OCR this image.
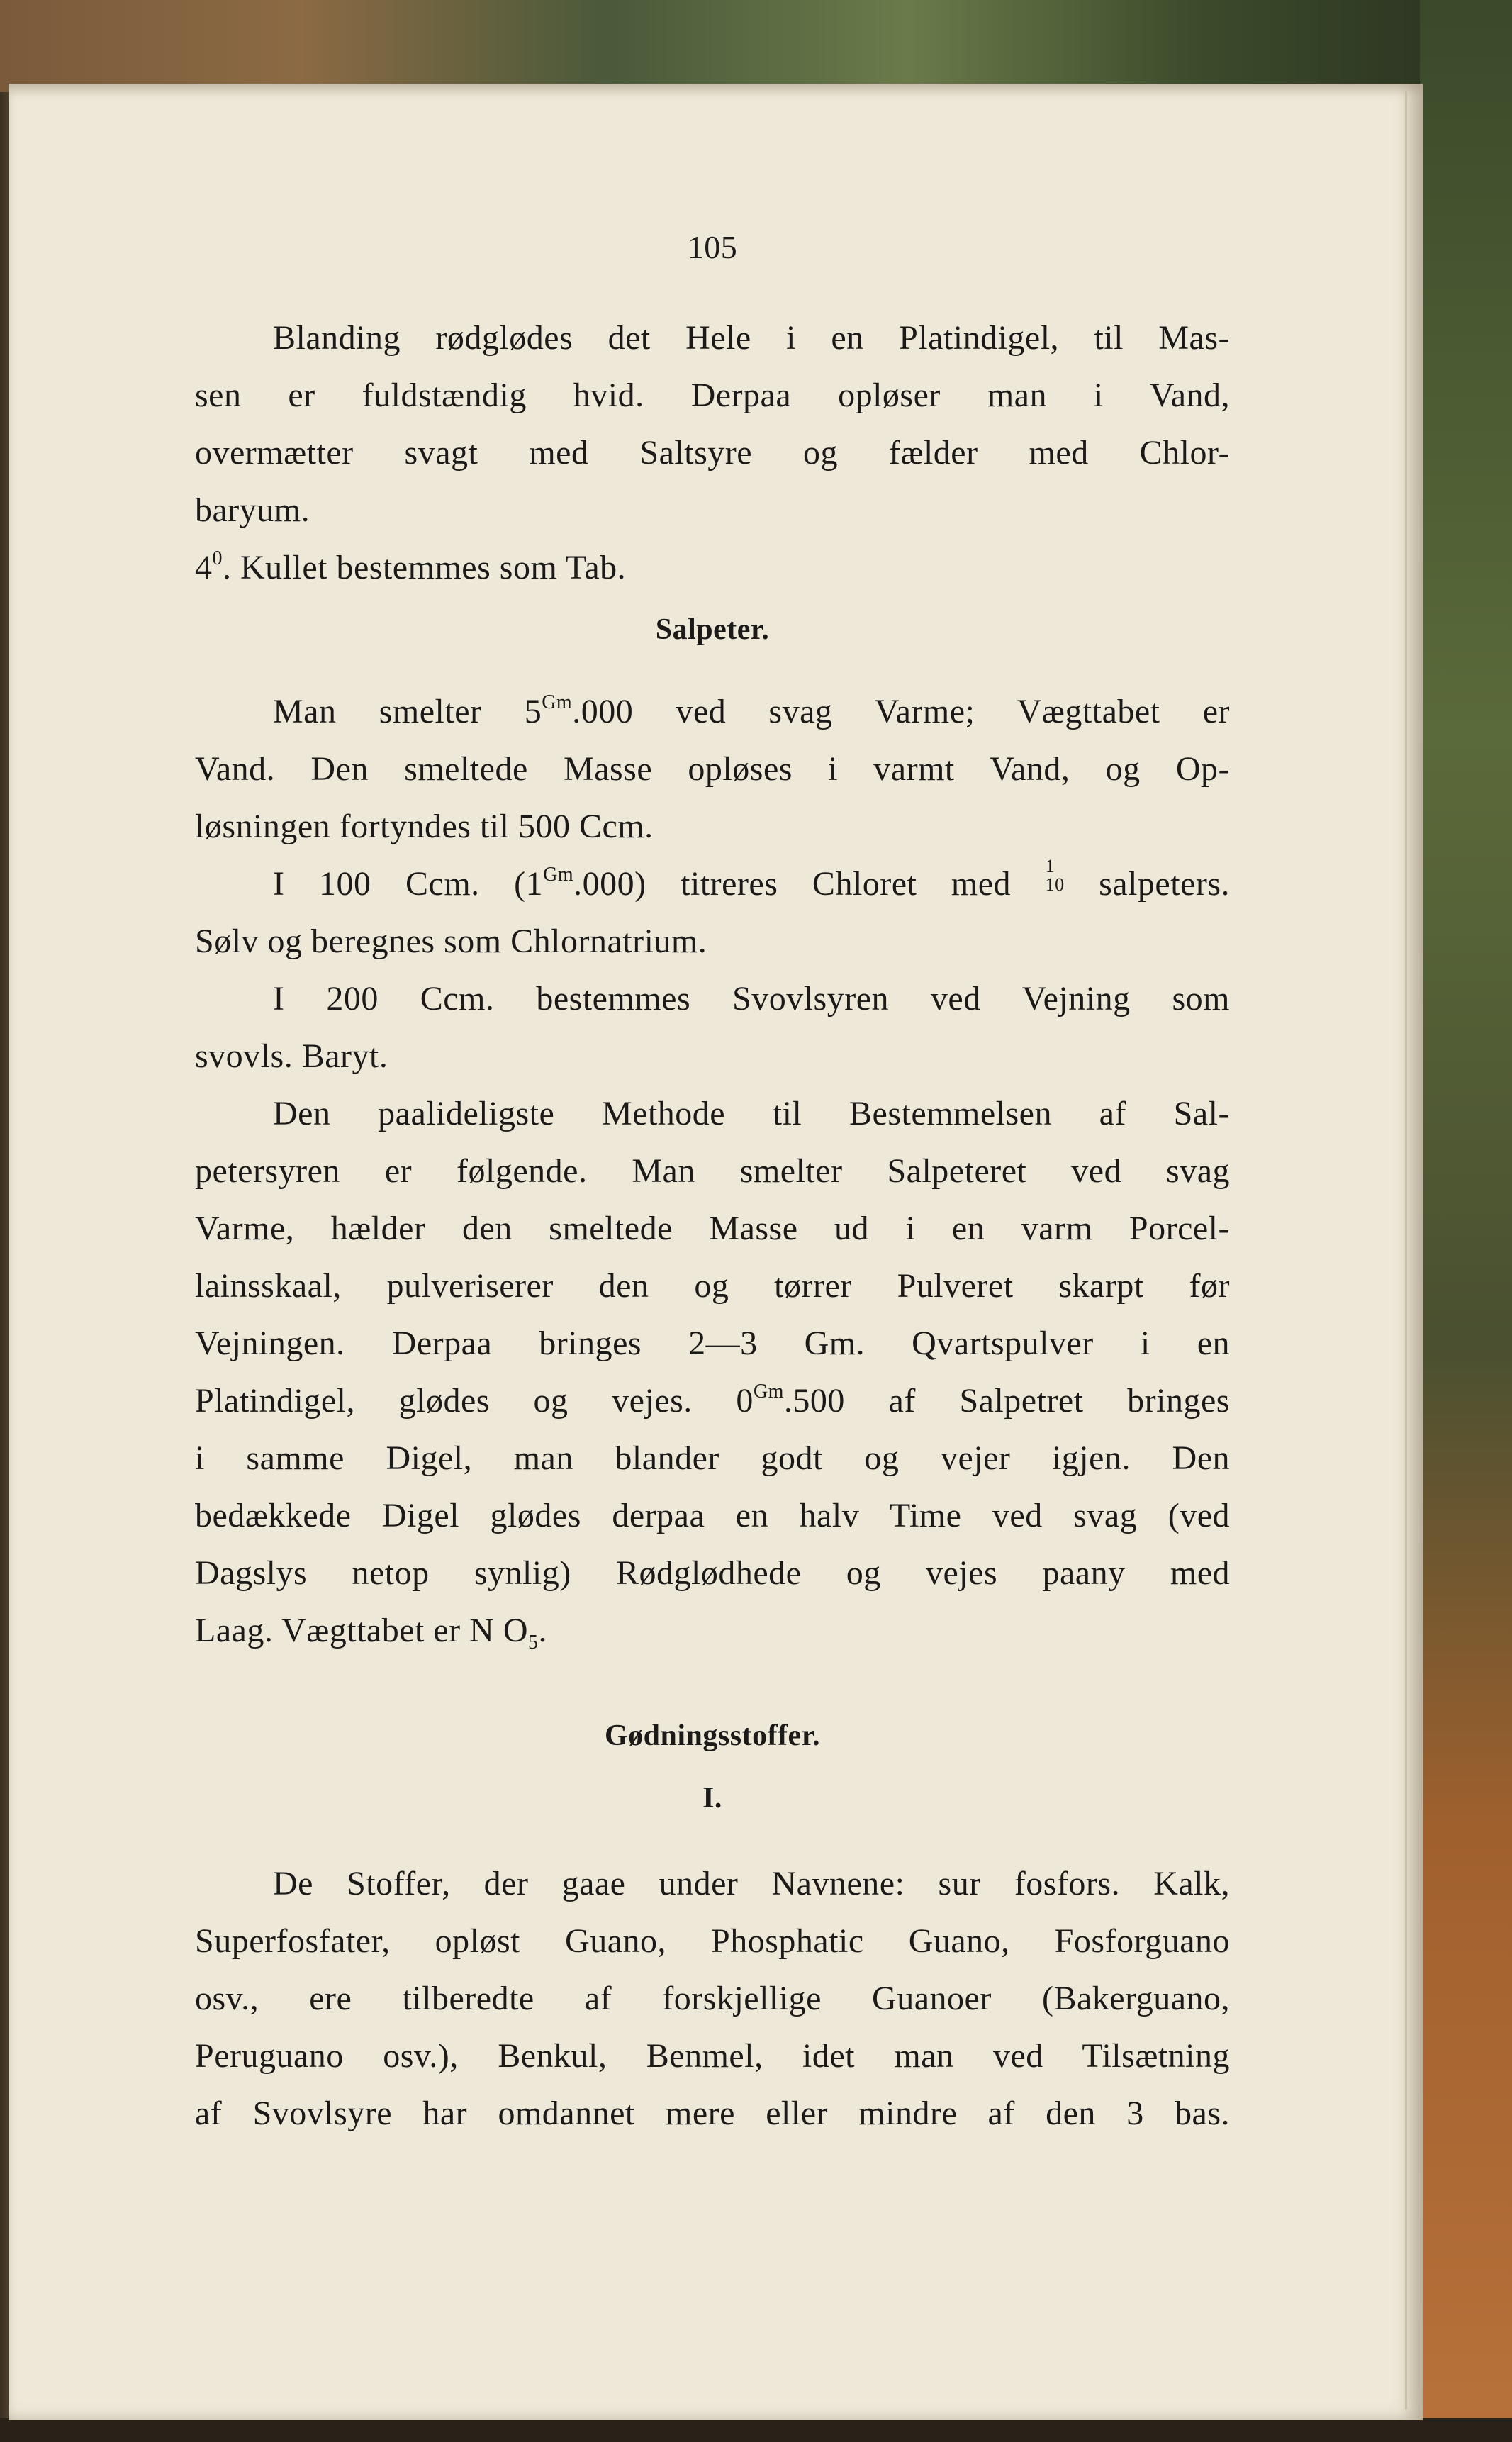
105
Blanding rødglødes det Hele i en Platindigel, til Mas-
sen er fuldstændig hvid. Derpaa opløser man i Vand,
overmætter svagt med Saltsyre og fælder med Chlor-
baryum.
$4^0$. Kullet bestemmes som Tab.
Salpeter.
Man smelter $5^{Gm}.000$ ved svag Varme; Vægttabet er
Vand. Den smeltede Masse opløses i varmt Vand, og Op-
løsningen fortyndes til 500 Ccm.
I 100 Ccm. $(1^{Gm}.000)$ titreres Chloret med 1
10 salpeters.
Sølv og beregnes som Chlornatrium.
I 200 Ccm. bestemmes Svovlsyren ved Vejning som
svovls. Baryt.
Den paalideligste Methode til Bestemmelsen af Sal-
petersyren er følgende. Man smelter Salpeteret ved svag
Varme, hælder den smeltede Masse ud i en varm Porcel-
lainsskaal, pulveriserer den og tørrer Pulveret skarpt før
Vejningen. Derpaa bringes 2—3 Gm. Qvartspulver i en
Platindigel, glødes og vejes. $0^{Gm}.500$ af Salpetret bringes
i samme Digel, man blander godt og vejer igjen. Den
bedækkede Digel glødes derpaa en halv Time ved svag (ved
Dagslys netop synlig) Rødglødhede og vejes paany med
Laag. Vægttabet er N $O_5$.
Gødningsstoffer.
I.
De Stoffer, der gaae under Navnene: sur fosfors. Kalk,
Superfosfater, opløst Guano, Phosphatic Guano, Fosforguano
osv., ere tilberedte af forskjellige Guanoer (Bakerguano,
Peruguano osv.), Benkul, Benmel, idet man ved Tilsætning
af Svovlsyre har omdannet mere eller mindre af den 3 bas.
